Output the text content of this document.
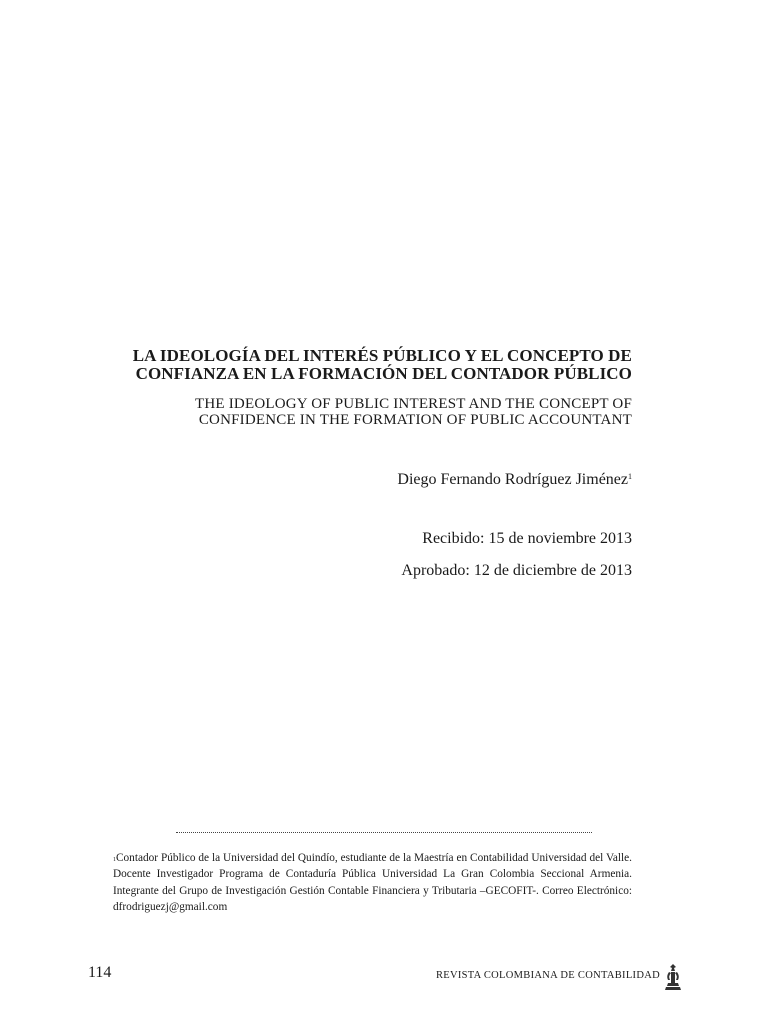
LA IDEOLOGÍA DEL INTERÉS PÚBLICO Y EL CONCEPTO DE
CONFIANZA EN LA FORMACIÓN DEL CONTADOR PÚBLICO
THE IDEOLOGY OF PUBLIC INTEREST AND THE CONCEPT OF
CONFIDENCE IN THE FORMATION OF PUBLIC ACCOUNTANT
Diego Fernando Rodríguez Jiménez$^1$
Recibido: 15 de noviembre 2013
Aprobado: 12 de diciembre de 2013
$^1$Contador Público de la Universidad del Quindío, estudiante de la Maestría en Contabilidad Universidad del Valle. Docente Investigador Programa de Contaduría Pública Universidad La Gran Colombia Seccional Armenia. Integrante del Grupo de Investigación Gestión Contable Financiera y Tributaria –GECOFIT-. Correo Electrónico: dfrodriguezj@gmail.com
114	REVISTA COLOMBIANA DE CONTABILIDAD
